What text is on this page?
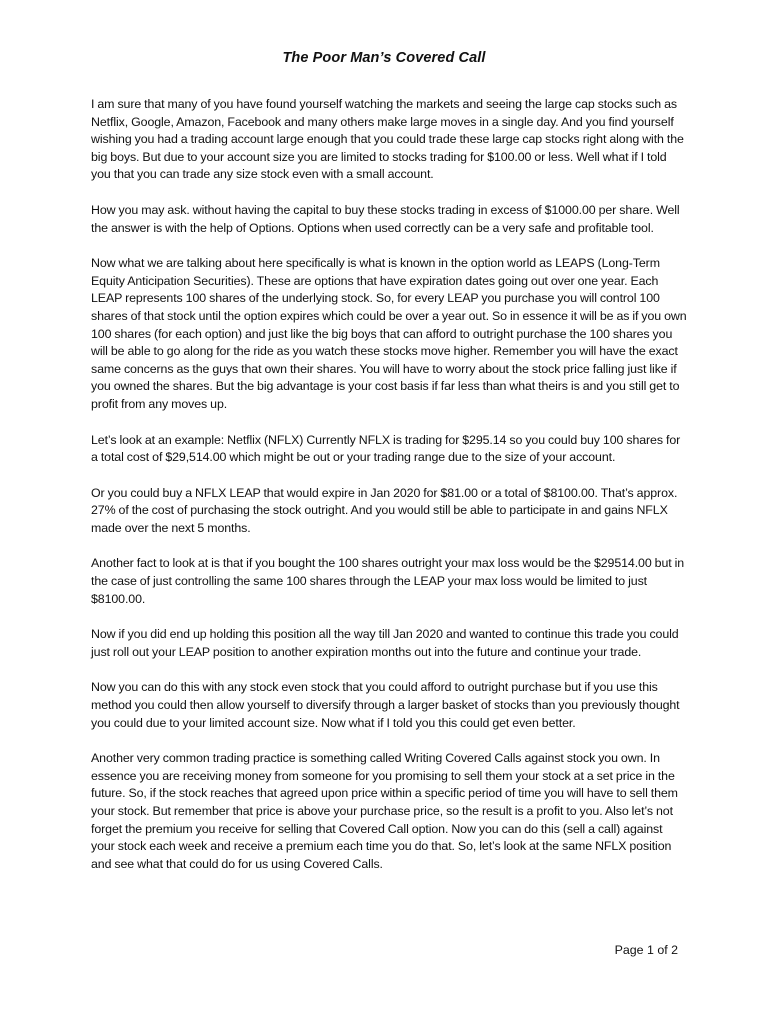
The Poor Man’s Covered Call

I am sure that many of you have found yourself watching the markets and seeing the large cap stocks such as Netflix, Google, Amazon, Facebook and many others make large moves in a single day. And you find yourself wishing you had a trading account large enough that you could trade these large cap stocks right along with the big boys. But due to your account size you are limited to stocks trading for $100.00 or less. Well what if I told you that you can trade any size stock even with a small account.

How you may ask. without having the capital to buy these stocks trading in excess of $1000.00 per share. Well the answer is with the help of Options. Options when used correctly can be a very safe and profitable tool.

Now what we are talking about here specifically is what is known in the option world as LEAPS (Long-Term Equity Anticipation Securities). These are options that have expiration dates going out over one year. Each LEAP represents 100 shares of the underlying stock. So, for every LEAP you purchase you will control 100 shares of that stock until the option expires which could be over a year out. So in essence it will be as if you own 100 shares (for each option) and just like the big boys that can afford to outright purchase the 100 shares you will be able to go along for the ride as you watch these stocks move higher. Remember you will have the exact same concerns as the guys that own their shares. You will have to worry about the stock price falling just like if you owned the shares. But the big advantage is your cost basis if far less than what theirs is and you still get to profit from any moves up.

Let’s look at an example: Netflix (NFLX) Currently NFLX is trading for $295.14 so you could buy 100 shares for a total cost of $29,514.00 which might be out or your trading range due to the size of your account.

Or you could buy a NFLX LEAP that would expire in Jan 2020 for $81.00 or a total of $8100.00. That’s approx. 27% of the cost of purchasing the stock outright. And you would still be able to participate in and gains NFLX made over the next 5 months.

Another fact to look at is that if you bought the 100 shares outright your max loss would be the $29514.00 but in the case of just controlling the same 100 shares through the LEAP your max loss would be limited to just $8100.00.

Now if you did end up holding this position all the way till Jan 2020 and wanted to continue this trade you could just roll out your LEAP position to another expiration months out into the future and continue your trade.

Now you can do this with any stock even stock that you could afford to outright purchase but if you use this method you could then allow yourself to diversify through a larger basket of stocks than you previously thought you could due to your limited account size. Now what if I told you this could get even better.

Another very common trading practice is something called Writing Covered Calls against stock you own. In essence you are receiving money from someone for you promising to sell them your stock at a set price in the future. So, if the stock reaches that agreed upon price within a specific period of time you will have to sell them your stock. But remember that price is above your purchase price, so the result is a profit to you. Also let’s not forget the premium you receive for selling that Covered Call option. Now you can do this (sell a call) against your stock each week and receive a premium each time you do that. So, let’s look at the same NFLX position and see what that could do for us using Covered Calls.

Page 1 of 2
